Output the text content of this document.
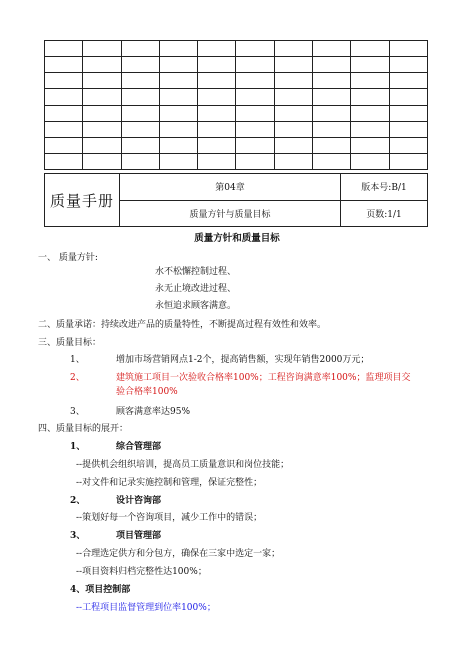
质量手册	第04章	版本号:B/1
	质量方针与质量目标	页数:1/1
质量方针和质量目标
一、 质量方针:
水不松懈控制过程、
永无止境改进过程、
永恒追求顾客满意。
二、质量承诺：持续改进产品的质量特性，不断提高过程有效性和效率。
三、质量目标：
1、	增加市场营销网点1-2个，提高销售额，实现年销售2000万元；
2、	建筑施工项目一次验收合格率100%；工程咨询满意率100%；监理项目交
验合格率100%
3、	顾客满意率达95%
四、质量目标的展开：
1、	综合管理部
--提供机会组织培训，提高员工质量意识和岗位技能；
--对文件和记录实施控制和管理，保证完整性；
2、	设计咨询部
--策划好每一个咨询项目，减少工作中的错误；
3、	项目管理部
--合理选定供方和分包方，确保在三家中选定一家；
--项目资料归档完整性达100%；
4、项目控制部
--工程项目监督管理到位率100%；
